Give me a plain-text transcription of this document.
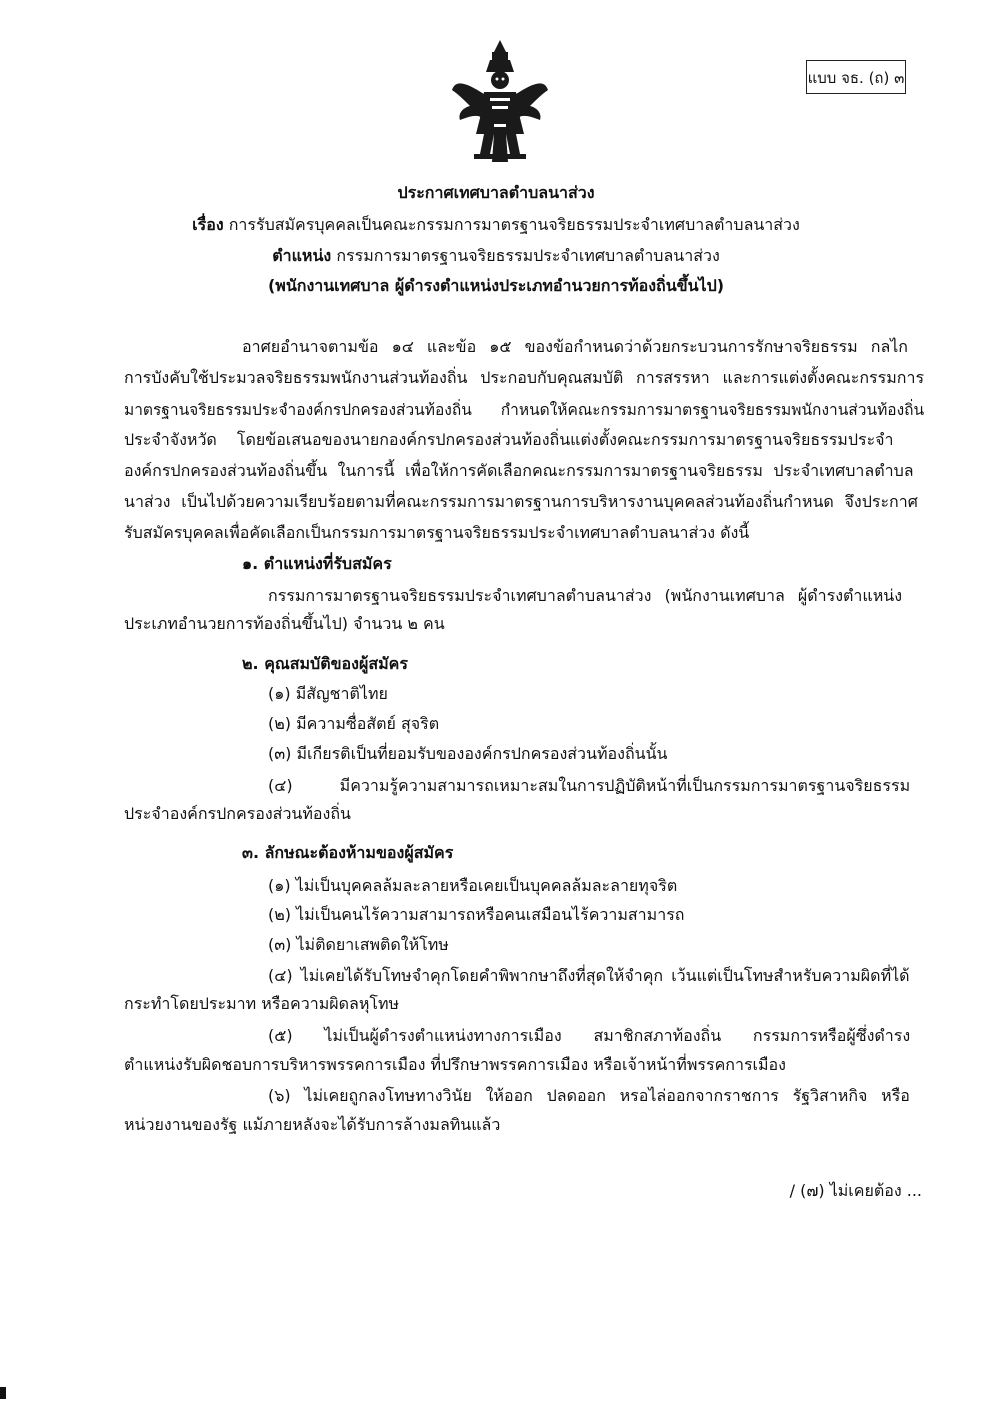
แบบ จธ. (ถ) ๓
ประกาศเทศบาลตำบลนาส่วง
เรื่อง การรับสมัครบุคคลเป็นคณะกรรมการมาตรฐานจริยธรรมประจำเทศบาลตำบลนาส่วง
ตำแหน่ง กรรมการมาตรฐานจริยธรรมประจำเทศบาลตำบลนาส่วง
(พนักงานเทศบาล ผู้ดำรงตำแหน่งประเภทอำนวยการท้องถิ่นขึ้นไป)
อาศยอำนาจตามข้อ ๑๔ และข้อ ๑๕ ของข้อกำหนดว่าด้วยกระบวนการรักษาจริยธรรม กลไก
การบังคับใช้ประมวลจริยธรรมพนักงานส่วนท้องถิ่น ประกอบกับคุณสมบัติ การสรรหา และการแต่งตั้งคณะกรรมการ
มาตรฐานจริยธรรมประจำองค์กรปกครองส่วนท้องถิ่น กำหนดให้คณะกรรมการมาตรฐานจริยธรรมพนักงานส่วนท้องถิ่น
ประจำจังหวัด โดยข้อเสนอของนายกองค์กรปกครองส่วนท้องถิ่นแต่งตั้งคณะกรรมการมาตรฐานจริยธรรมประจำ
องค์กรปกครองส่วนท้องถิ่นขึ้น ในการนี้ เพื่อให้การคัดเลือกคณะกรรมการมาตรฐานจริยธรรม ประจำเทศบาลตำบล
นาส่วง เป็นไปด้วยความเรียบร้อยตามที่คณะกรรมการมาตรฐานการบริหารงานบุคคลส่วนท้องถิ่นกำหนด จึงประกาศ
รับสมัครบุคคลเพื่อคัดเลือกเป็นกรรมการมาตรฐานจริยธรรมประจำเทศบาลตำบลนาส่วง ดังนี้
๑. ตำแหน่งที่รับสมัคร
กรรมการมาตรฐานจริยธรรมประจำเทศบาลตำบลนาส่วง (พนักงานเทศบาล ผู้ดำรงตำแหน่ง
ประเภทอำนวยการท้องถิ่นขึ้นไป) จำนวน ๒ คน
๒. คุณสมบัติของผู้สมัคร
(๑) มีสัญชาติไทย
(๒) มีความซื่อสัตย์ สุจริต
(๓) มีเกียรติเป็นที่ยอมรับขององค์กรปกครองส่วนท้องถิ่นนั้น
(๔) มีความรู้ความสามารถเหมาะสมในการปฏิบัติหน้าที่เป็นกรรมการมาตรฐานจริยธรรม
ประจำองค์กรปกครองส่วนท้องถิ่น
๓. ลักษณะต้องห้ามของผู้สมัคร
(๑) ไม่เป็นบุคคลล้มละลายหรือเคยเป็นบุคคลล้มละลายทุจริต
(๒) ไม่เป็นคนไร้ความสามารถหรือคนเสมือนไร้ความสามารถ
(๓) ไม่ติดยาเสพติดให้โทษ
(๔) ไม่เคยได้รับโทษจำคุกโดยคำพิพากษาถึงที่สุดให้จำคุก เว้นแต่เป็นโทษสำหรับความผิดที่ได้
กระทำโดยประมาท หรือความผิดลหุโทษ
(๕) ไม่เป็นผู้ดำรงตำแหน่งทางการเมือง สมาชิกสภาท้องถิ่น กรรมการหรือผู้ซึ่งดำรง
ตำแหน่งรับผิดชอบการบริหารพรรคการเมือง ที่ปรึกษาพรรคการเมือง หรือเจ้าหน้าที่พรรคการเมือง
(๖) ไม่เคยถูกลงโทษทางวินัย ให้ออก ปลดออก หรอไล่ออกจากราชการ รัฐวิสาหกิจ หรือ
หน่วยงานของรัฐ แม้ภายหลังจะได้รับการล้างมลทินแล้ว
/ (๗) ไม่เคยต้อง ...
